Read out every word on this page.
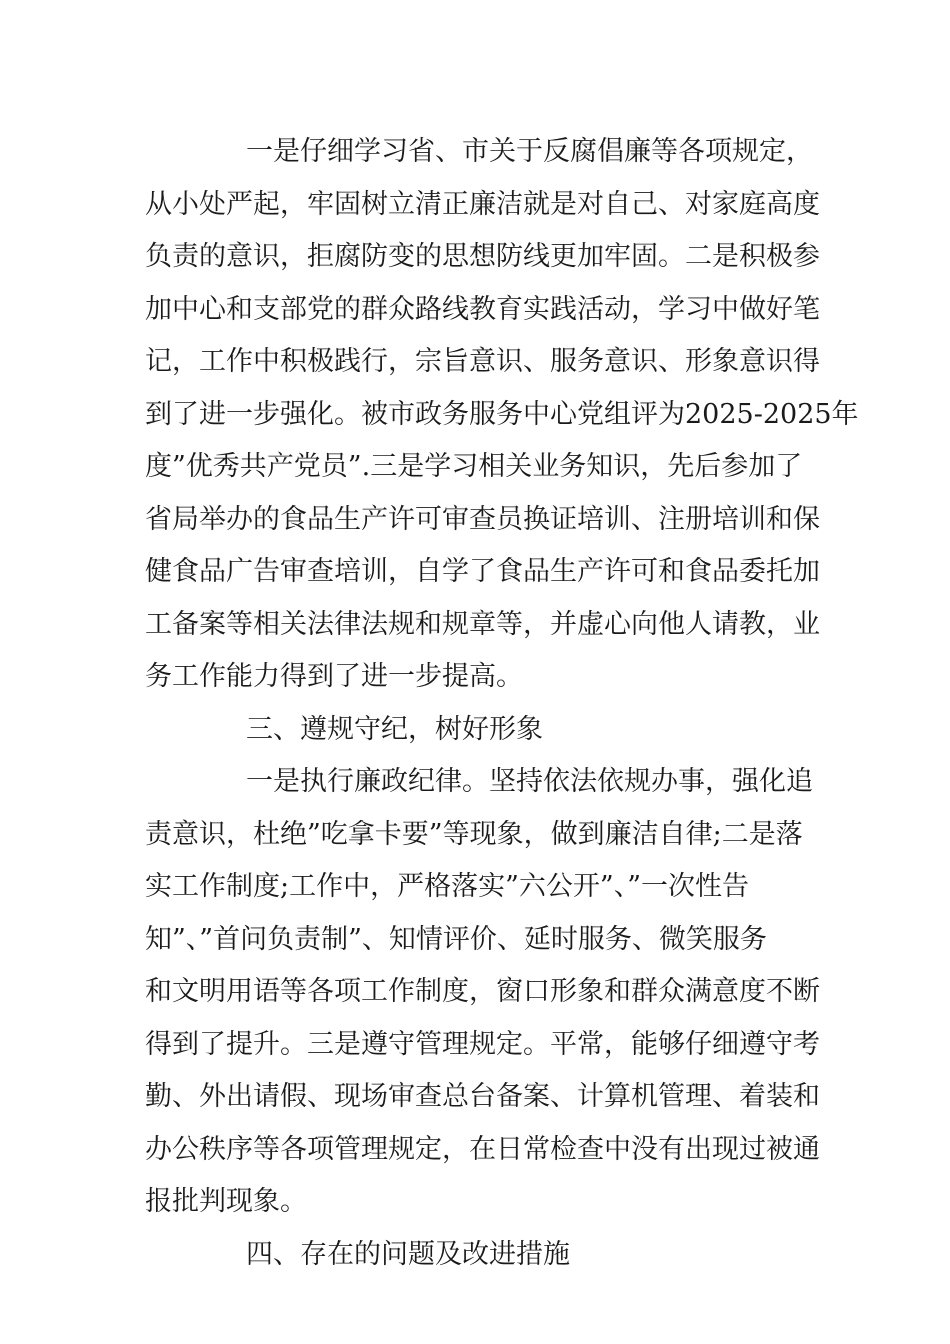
一是仔细学习省、市关于反腐倡廉等各项规定，
从小处严起，牢固树立清正廉洁就是对自己、对家庭高度
负责的意识，拒腐防变的思想防线更加牢固。二是积极参
加中心和支部党的群众路线教育实践活动，学习中做好笔
记，工作中积极践行，宗旨意识、服务意识、形象意识得
到了进一步强化。被市政务服务中心党组评为2025-2025年
度”优秀共产党员”.三是学习相关业务知识，先后参加了
省局举办的食品生产许可审查员换证培训、注册培训和保
健食品广告审查培训，自学了食品生产许可和食品委托加
工备案等相关法律法规和规章等，并虚心向他人请教，业
务工作能力得到了进一步提高。
三、遵规守纪，树好形象
一是执行廉政纪律。坚持依法依规办事，强化追
责意识，杜绝”吃拿卡要”等现象，做到廉洁自律;二是落
实工作制度;工作中，严格落实”六公开”、”一次性告
知”、”首问负责制”、知情评价、延时服务、微笑服务
和文明用语等各项工作制度，窗口形象和群众满意度不断
得到了提升。三是遵守管理规定。平常，能够仔细遵守考
勤、外出请假、现场审查总台备案、计算机管理、着装和
办公秩序等各项管理规定，在日常检查中没有出现过被通
报批判现象。
四、存在的问题及改进措施
